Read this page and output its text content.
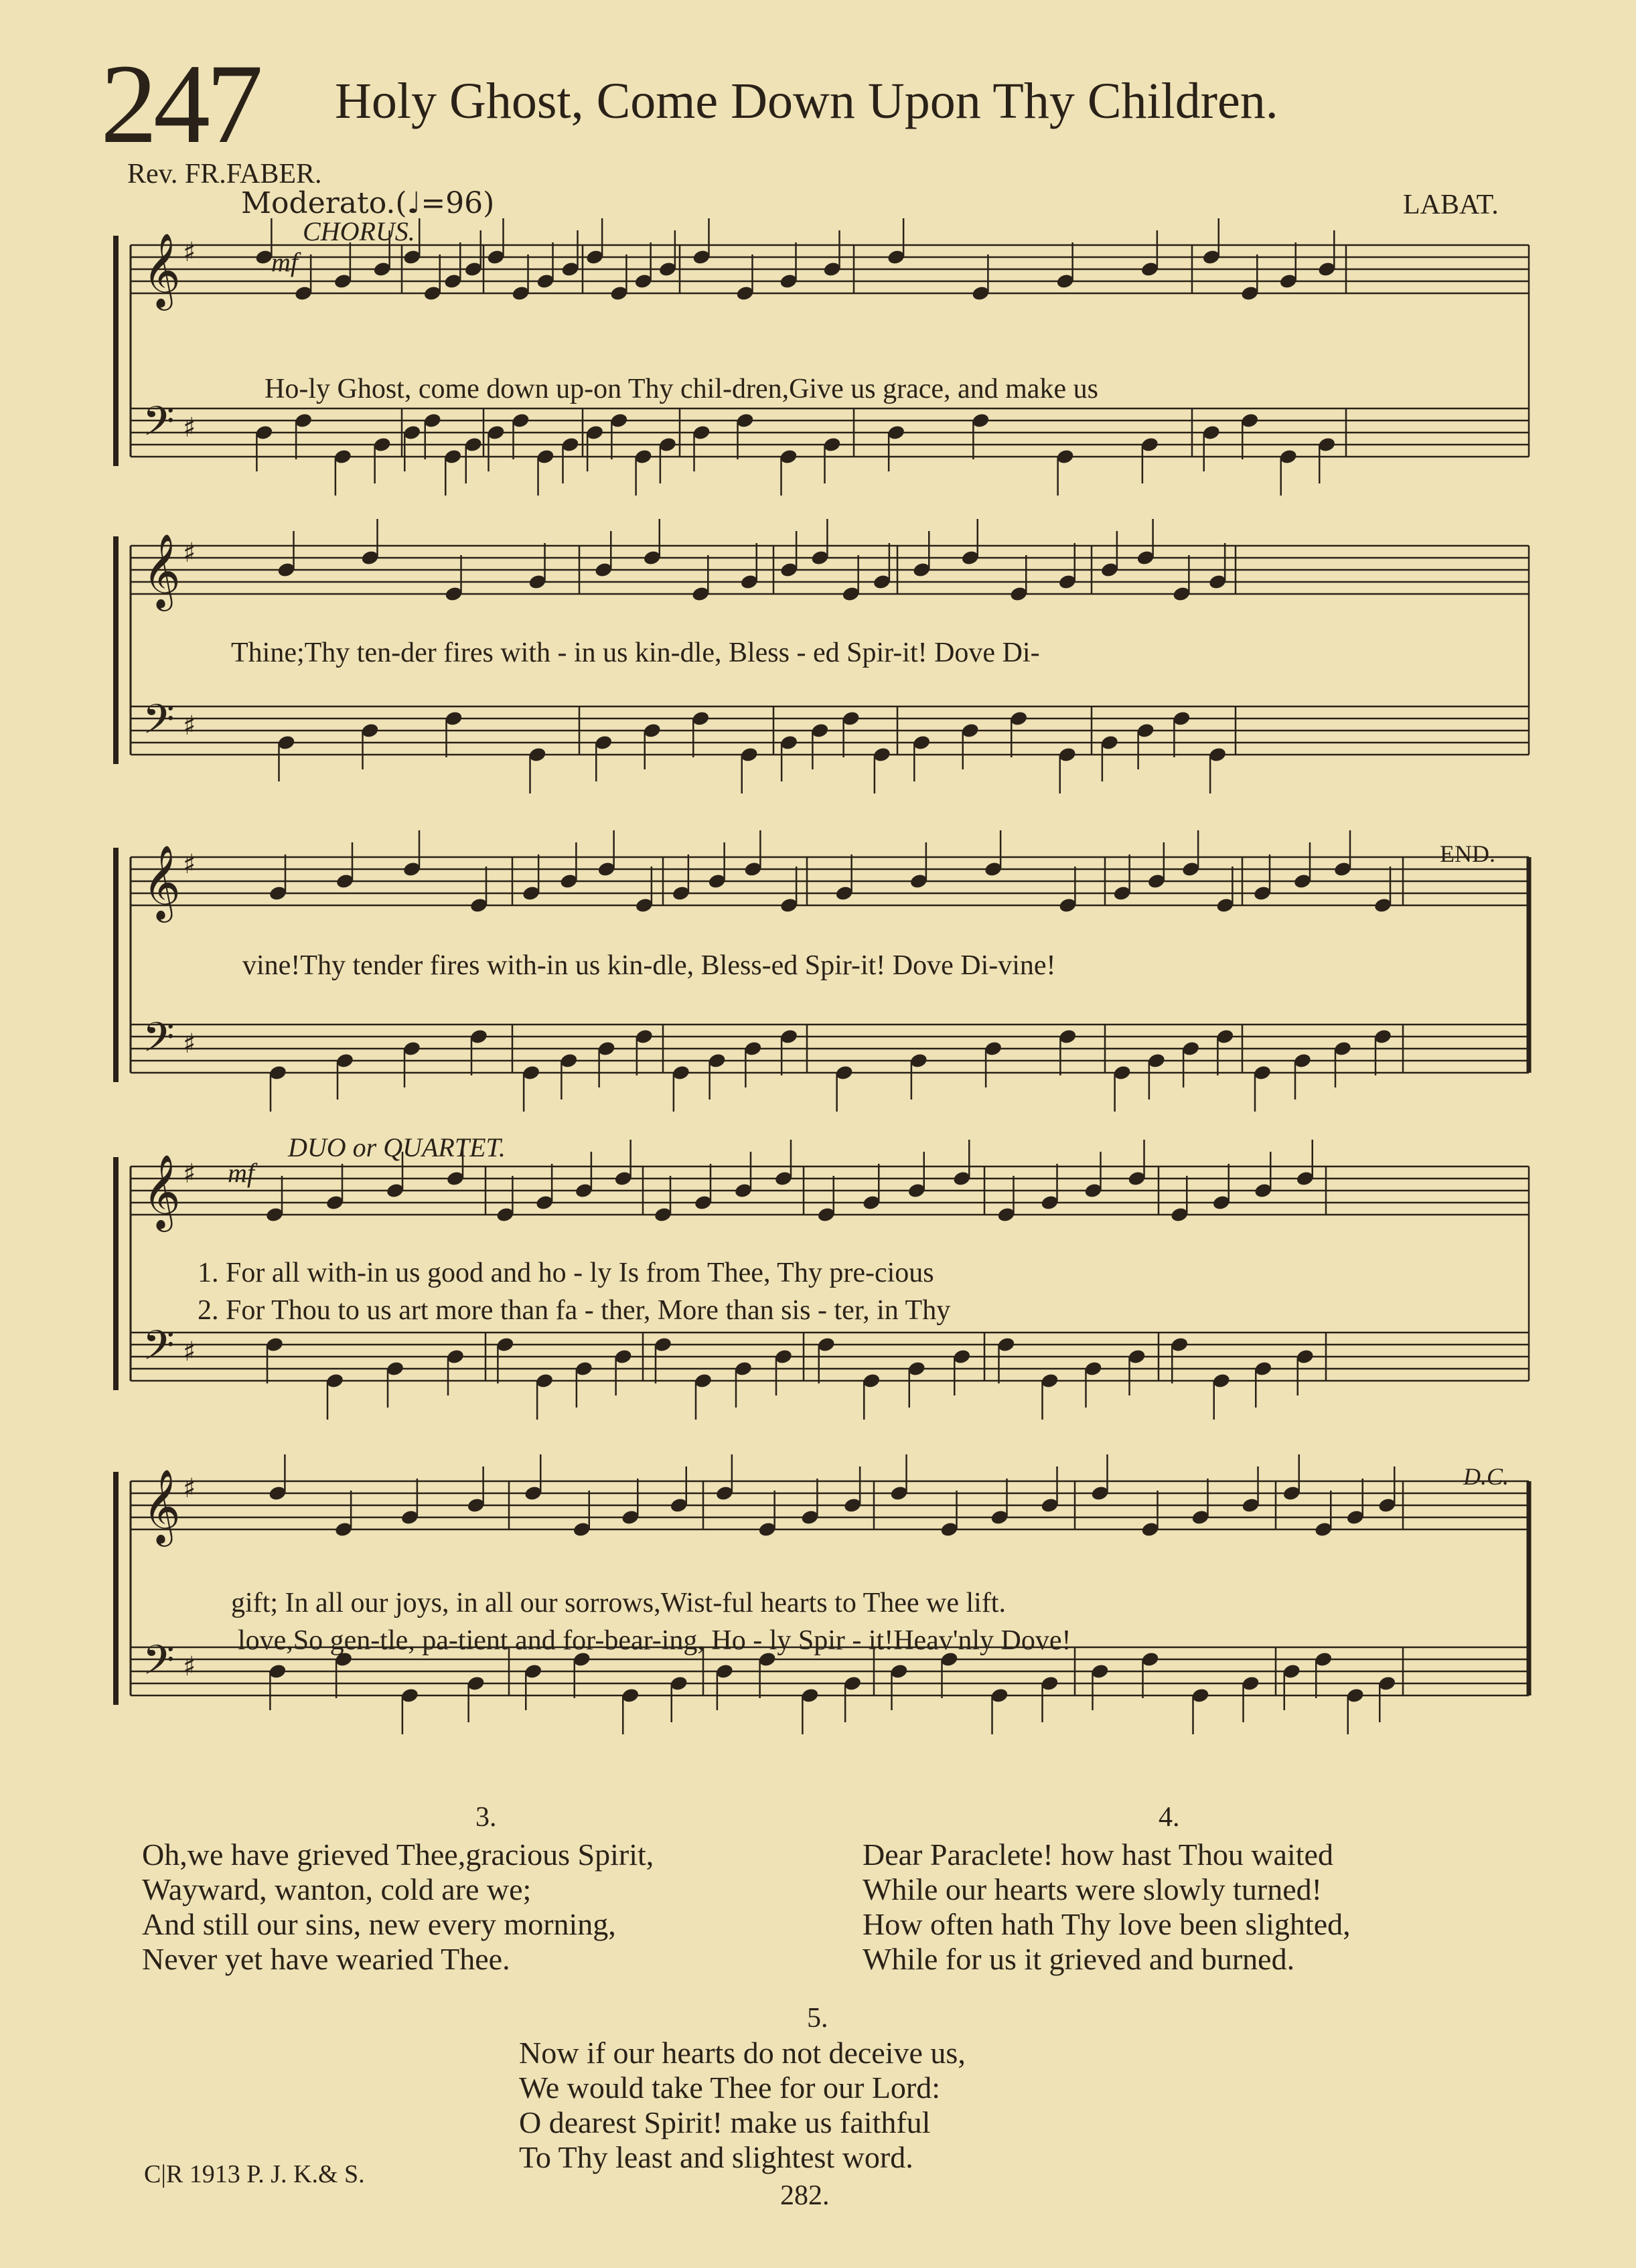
247 Holy Ghost, Come Down Upon Thy Children.
Rev. FR.FABER.
Moderato.(♩=96)	LABAT.
𝄞 ♯
𝄢 ♯
𝄞 ♯
𝄢 ♯
𝄞 ♯
𝄢 ♯
𝄞 ♯
𝄢 ♯
𝄞 ♯
𝄢 ♯
CHORUS.
mf
END.
DUO or QUARTET.
mf
D.C.
Ho-ly Ghost, come down up-on Thy chil-dren,Give us grace, and make us
Thine;Thy ten-der fires with - in us kin-dle, Bless - ed Spir-it! Dove Di-
vine!Thy tender fires with-in us kin-dle, Bless-ed Spir-it! Dove Di-vine!
1. For all with-in us good and ho - ly Is from Thee, Thy pre-cious
2. For Thou to us art more than fa - ther, More than sis - ter, in Thy
gift; In all our joys, in all our sorrows,Wist-ful hearts to Thee we lift.
love,So gen-tle, pa-tient and for-bear-ing, Ho - ly Spir - it!Heav'nly Dove!
3.
Oh,we have grieved Thee,gracious Spirit,
Wayward, wanton, cold are we;
And still our sins, new every morning,
Never yet have wearied Thee.
4.
Dear Paraclete! how hast Thou waited
While our hearts were slowly turned!
How often hath Thy love been slighted,
While for us it grieved and burned.
5.
Now if our hearts do not deceive us,
We would take Thee for our Lord:
O dearest Spirit! make us faithful
To Thy least and slightest word.
C|R 1913 P. J. K.& S.
282.
